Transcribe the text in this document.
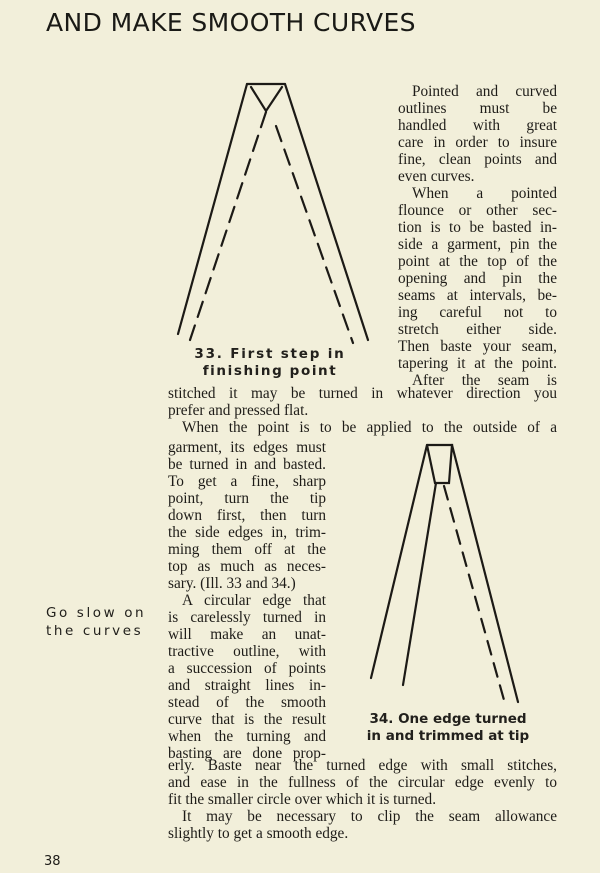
AND MAKE SMOOTH CURVES
33. First step in
finishing point
34. One edge turned
in and trimmed at tip
Pointed and curved
outlines must be
handled with great
care in order to insure
fine, clean points and
even curves.
When a pointed
flounce or other sec-
tion is to be basted in-
side a garment, pin the
point at the top of the
opening and pin the
seams at intervals, be-
ing careful not to
stretch either side.
Then baste your seam,
tapering it at the point.
After the seam is
stitched it may be turned in whatever direction you
prefer and pressed flat.
When the point is to be applied to the outside of a
garment, its edges must
be turned in and basted.
To get a fine, sharp
point, turn the tip
down first, then turn
the side edges in, trim-
ming them off at the
top as much as neces-
sary. (Ill. 33 and 34.)
A circular edge that
is carelessly turned in
will make an unat-
tractive outline, with
a succession of points
and straight lines in-
stead of the smooth
curve that is the result
when the turning and
basting are done prop-
Go slow on
the curves
erly. Baste near the turned edge with small stitches,
and ease in the fullness of the circular edge evenly to
fit the smaller circle over which it is turned.
It may be necessary to clip the seam allowance
slightly to get a smooth edge.
38
